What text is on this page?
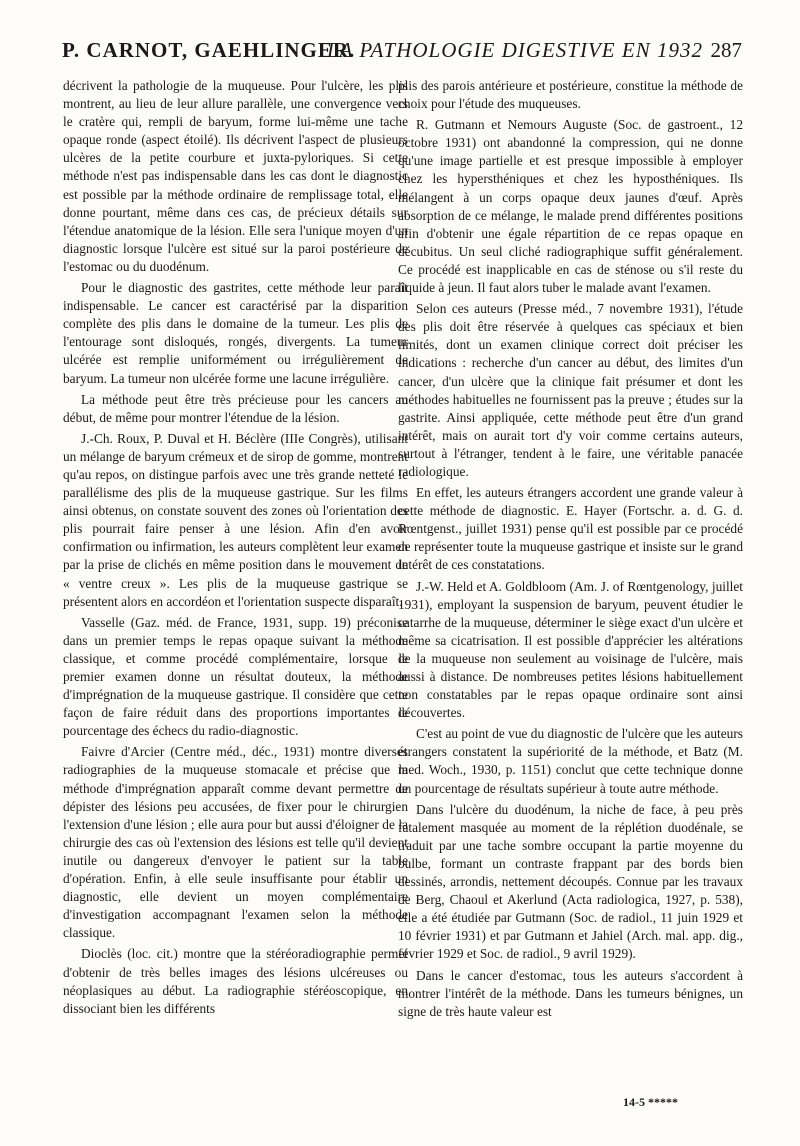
P. CARNOT, GAEHLINGER.
LA PATHOLOGIE DIGESTIVE EN 1932 287

décrivent la pathologie de la muqueuse. Pour l'ulcère, les plis montrent, au lieu de leur allure parallèle, une convergence vers le cratère qui, rempli de baryum, forme lui-même une tache opaque ronde (aspect étoilé). Ils décrivent l'aspect de plusieurs ulcères de la petite courbure et juxta-pyloriques. Si cette méthode n'est pas indispensable dans les cas dont le diagnostic est possible par la méthode ordinaire de remplissage total, elle donne pourtant, même dans ces cas, de précieux détails sur l'étendue anatomique de la lésion. Elle sera l'unique moyen d'un diagnostic lorsque l'ulcère est situé sur la paroi postérieure de l'estomac ou du duodénum.

Pour le diagnostic des gastrites, cette méthode leur paraît indispensable. Le cancer est caractérisé par la disparition complète des plis dans le domaine de la tumeur. Les plis de l'entourage sont disloqués, rongés, divergents. La tumeur ulcérée est remplie uniformément ou irrégulièrement de baryum. La tumeur non ulcérée forme une lacune irrégulière.

La méthode peut être très précieuse pour les cancers au début, de même pour montrer l'étendue de la lésion.

J.-Ch. Roux, P. Duval et H. Béclère (IIIe Congrès), utilisant un mélange de baryum crémeux et de sirop de gomme, montrent qu'au repos, on distingue parfois avec une très grande netteté le parallélisme des plis de la muqueuse gastrique. Sur les films ainsi obtenus, on constate souvent des zones où l'orientation des plis pourrait faire penser à une lésion. Afin d'en avoir confirmation ou infirmation, les auteurs complètent leur examen par la prise de clichés en même position dans le mouvement de « ventre creux ». Les plis de la muqueuse gastrique se présentent alors en accordéon et l'orientation suspecte disparaît.

Vasselle (Gaz. méd. de France, 1931, supp. 19) préconise dans un premier temps le repas opaque suivant la méthode classique, et comme procédé complémentaire, lorsque le premier examen donne un résultat douteux, la méthode d'imprégnation de la muqueuse gastrique. Il considère que cette façon de faire réduit dans des proportions importantes le pourcentage des échecs du radio-diagnostic.

Faivre d'Arcier (Centre méd., déc., 1931) montre diverses radiographies de la muqueuse stomacale et précise que la méthode d'imprégnation apparaît comme devant permettre de dépister des lésions peu accusées, de fixer pour le chirurgien l'extension d'une lésion ; elle aura pour but aussi d'éloigner de la chirurgie des cas où l'extension des lésions est telle qu'il devient inutile ou dangereux d'envoyer le patient sur la table d'opération. Enfin, à elle seule insuffisante pour établir un diagnostic, elle devient un moyen complémentaire d'investigation accompagnant l'examen selon la méthode classique.

Dioclès (loc. cit.) montre que la stéréoradiographie permet d'obtenir de très belles images des lésions ulcéreuses ou néoplasiques au début. La radiographie stéréoscopique, en dissociant bien les différents

plis des parois antérieure et postérieure, constitue la méthode de choix pour l'étude des muqueuses.

R. Gutmann et Nemours Auguste (Soc. de gastroent., 12 octobre 1931) ont abandonné la compression, qui ne donne qu'une image partielle et est presque impossible à employer chez les hypersthéniques et chez les hyposthéniques. Ils mélangent à un corps opaque deux jaunes d'œuf. Après absorption de ce mélange, le malade prend différentes positions afin d'obtenir une égale répartition de ce repas opaque en décubitus. Un seul cliché radiographique suffit généralement. Ce procédé est inapplicable en cas de sténose ou s'il reste du liquide à jeun. Il faut alors tuber le malade avant l'examen.

Selon ces auteurs (Presse méd., 7 novembre 1931), l'étude des plis doit être réservée à quelques cas spéciaux et bien limités, dont un examen clinique correct doit préciser les indications : recherche d'un cancer au début, des limites d'un cancer, d'un ulcère que la clinique fait présumer et dont les méthodes habituelles ne fournissent pas la preuve ; études sur la gastrite. Ainsi appliquée, cette méthode peut être d'un grand intérêt, mais on aurait tort d'y voir comme certains auteurs, surtout à l'étranger, tendent à le faire, une véritable panacée radiologique.

En effet, les auteurs étrangers accordent une grande valeur à cette méthode de diagnostic. E. Hayer (Fortschr. a. d. G. d. Rœntgenst., juillet 1931) pense qu'il est possible par ce procédé de représenter toute la muqueuse gastrique et insiste sur le grand intérêt de ces constatations.

J.-W. Held et A. Goldbloom (Am. J. of Rœntgenology, juillet 1931), employant la suspension de baryum, peuvent étudier le catarrhe de la muqueuse, déterminer le siège exact d'un ulcère et même sa cicatrisation. Il est possible d'apprécier les altérations de la muqueuse non seulement au voisinage de l'ulcère, mais aussi à distance. De nombreuses petites lésions habituellement non constatables par le repas opaque ordinaire sont ainsi découvertes.

C'est au point de vue du diagnostic de l'ulcère que les auteurs étrangers constatent la supériorité de la méthode, et Batz (M. med. Woch., 1930, p. 1151) conclut que cette technique donne un pourcentage de résultats supérieur à toute autre méthode.

Dans l'ulcère du duodénum, la niche de face, à peu près fatalement masquée au moment de la réplétion duodénale, se traduit par une tache sombre occupant la partie moyenne du bulbe, formant un contraste frappant par des bords bien dessinés, arrondis, nettement découpés. Connue par les travaux de Berg, Chaoul et Akerlund (Acta radiologica, 1927, p. 538), elle a été étudiée par Gutmann (Soc. de radiol., 11 juin 1929 et 10 février 1931) et par Gutmann et Jahiel (Arch. mal. app. dig., février 1929 et Soc. de radiol., 9 avril 1929).

Dans le cancer d'estomac, tous les auteurs s'accordent à montrer l'intérêt de la méthode. Dans les tumeurs bénignes, un signe de très haute valeur est

14-5 *****
